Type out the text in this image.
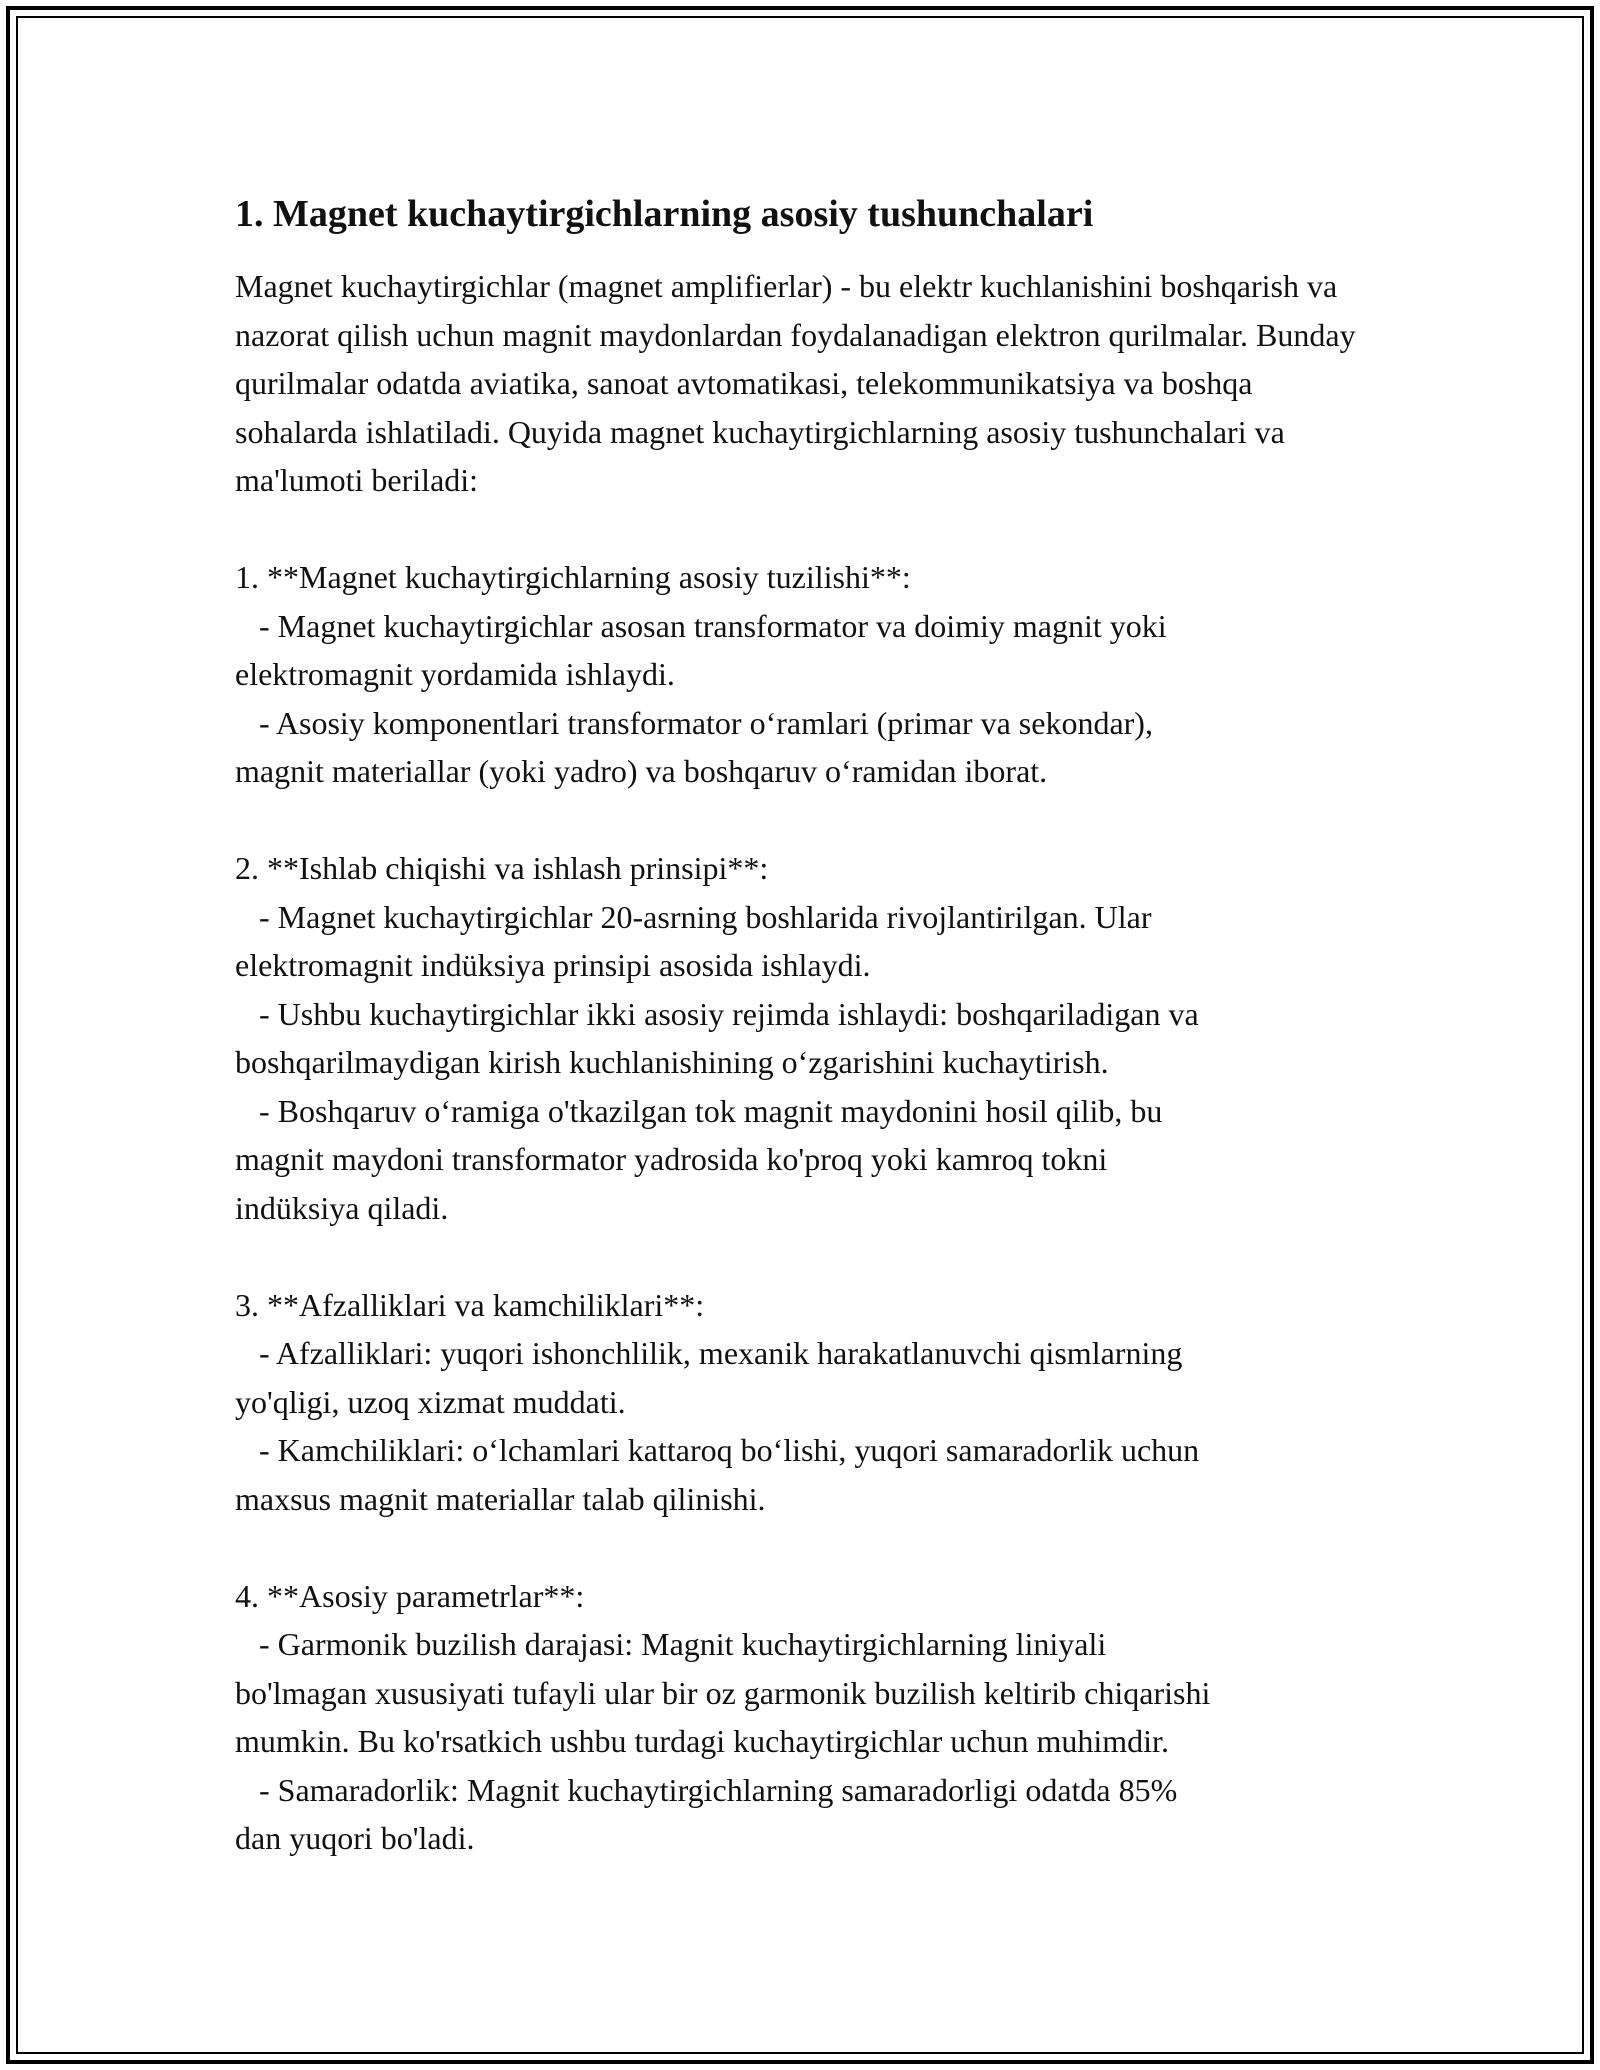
1. Magnet kuchaytirgichlarning asosiy tushunchalari

Magnet kuchaytirgichlar (magnet amplifierlar) - bu elektr kuchlanishini boshqarish va nazorat qilish uchun magnit maydonlardan foydalanadigan elektron qurilmalar. Bunday qurilmalar odatda aviatika, sanoat avtomatikasi, telekommunikatsiya va boshqa sohalarda ishlatiladi. Quyida magnet kuchaytirgichlarning asosiy tushunchalari va ma'lumoti beriladi:

1. **Magnet kuchaytirgichlarning asosiy tuzilishi**:
- Magnet kuchaytirgichlar asosan transformator va doimiy magnit yoki
elektromagnit yordamida ishlaydi.
- Asosiy komponentlari transformator o‘ramlari (primar va sekondar),
magnit materiallar (yoki yadro) va boshqaruv o‘ramidan iborat.
2. **Ishlab chiqishi va ishlash prinsipi**:
- Magnet kuchaytirgichlar 20-asrning boshlarida rivojlantirilgan. Ular
elektromagnit indüksiya prinsipi asosida ishlaydi.
- Ushbu kuchaytirgichlar ikki asosiy rejimda ishlaydi: boshqariladigan va
boshqarilmaydigan kirish kuchlanishining o‘zgarishini kuchaytirish.
- Boshqaruv o‘ramiga o'tkazilgan tok magnit maydonini hosil qilib, bu
magnit maydoni transformator yadrosida ko'proq yoki kamroq tokni
indüksiya qiladi.
3. **Afzalliklari va kamchiliklari**:
- Afzalliklari: yuqori ishonchlilik, mexanik harakatlanuvchi qismlarning
yo'qligi, uzoq xizmat muddati.
- Kamchiliklari: o‘lchamlari kattaroq bo‘lishi, yuqori samaradorlik uchun
maxsus magnit materiallar talab qilinishi.
4. **Asosiy parametrlar**:
- Garmonik buzilish darajasi: Magnit kuchaytirgichlarning liniyali
bo'lmagan xususiyati tufayli ular bir oz garmonik buzilish keltirib chiqarishi
mumkin. Bu ko'rsatkich ushbu turdagi kuchaytirgichlar uchun muhimdir.
- Samaradorlik: Magnit kuchaytirgichlarning samaradorligi odatda 85%
dan yuqori bo'ladi.
